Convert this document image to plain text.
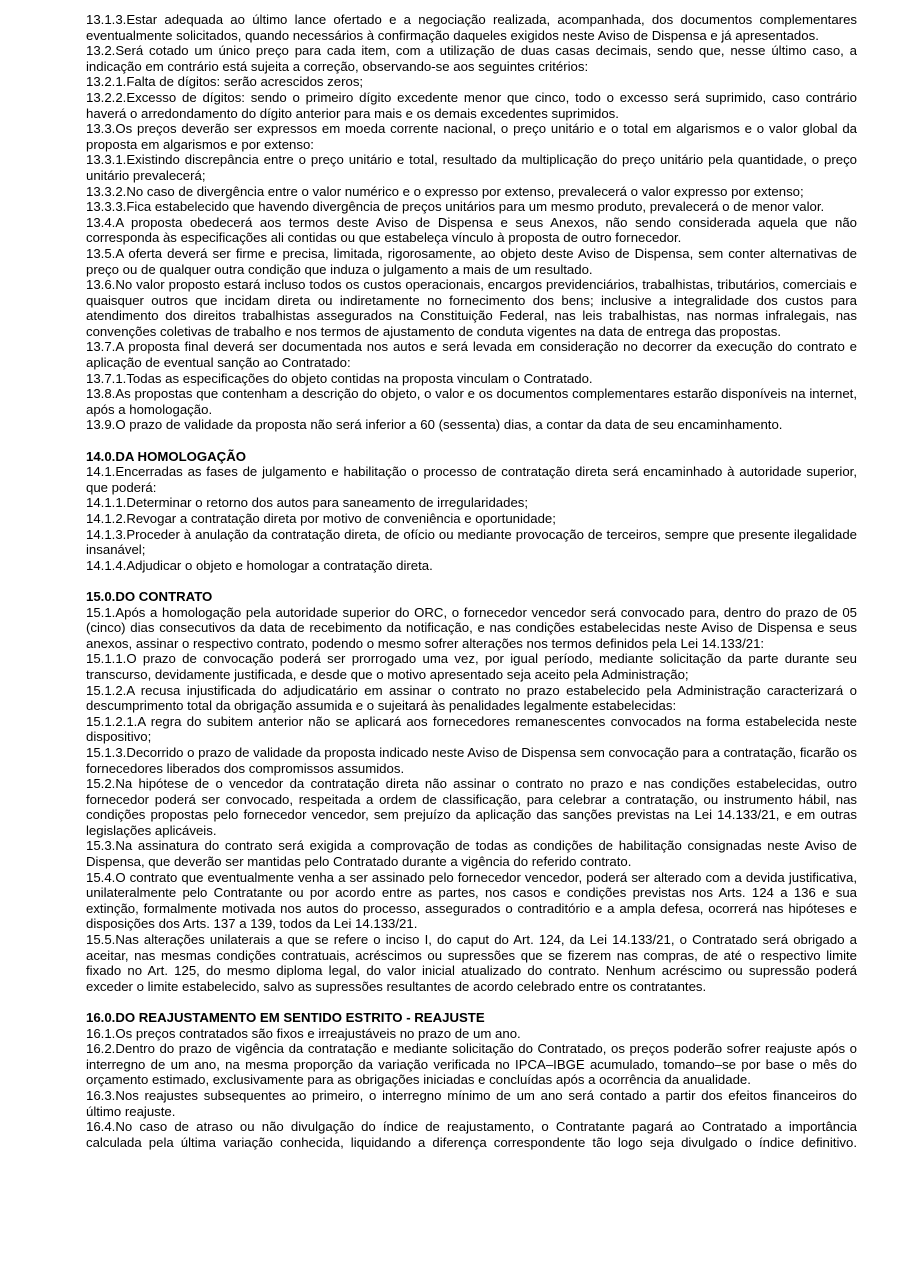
13.1.3.Estar adequada ao último lance ofertado e a negociação realizada, acompanhada, dos documentos complementares eventualmente solicitados, quando necessários à confirmação daqueles exigidos neste Aviso de Dispensa e já apresentados.

13.2.Será cotado um único preço para cada item, com a utilização de duas casas decimais, sendo que, nesse último caso, a indicação em contrário está sujeita a correção, observando-se aos seguintes critérios:

13.2.1.Falta de dígitos: serão acrescidos zeros;

13.2.2.Excesso de dígitos: sendo o primeiro dígito excedente menor que cinco, todo o excesso será suprimido, caso contrário haverá o arredondamento do dígito anterior para mais e os demais excedentes suprimidos.

13.3.Os preços deverão ser expressos em moeda corrente nacional, o preço unitário e o total em algarismos e o valor global da proposta em algarismos e por extenso:

13.3.1.Existindo discrepância entre o preço unitário e total, resultado da multiplicação do preço unitário pela quantidade, o preço unitário prevalecerá;

13.3.2.No caso de divergência entre o valor numérico e o expresso por extenso, prevalecerá o valor expresso por extenso;

13.3.3.Fica estabelecido que havendo divergência de preços unitários para um mesmo produto, prevalecerá o de menor valor.

13.4.A proposta obedecerá aos termos deste Aviso de Dispensa e seus Anexos, não sendo considerada aquela que não corresponda às especificações ali contidas ou que estabeleça vínculo à proposta de outro fornecedor.

13.5.A oferta deverá ser firme e precisa, limitada, rigorosamente, ao objeto deste Aviso de Dispensa, sem conter alternativas de preço ou de qualquer outra condição que induza o julgamento a mais de um resultado.

13.6.No valor proposto estará incluso todos os custos operacionais, encargos previdenciários, trabalhistas, tributários, comerciais e quaisquer outros que incidam direta ou indiretamente no fornecimento dos bens; inclusive a integralidade dos custos para atendimento dos direitos trabalhistas assegurados na Constituição Federal, nas leis trabalhistas, nas normas infralegais, nas convenções coletivas de trabalho e nos termos de ajustamento de conduta vigentes na data de entrega das propostas.

13.7.A proposta final deverá ser documentada nos autos e será levada em consideração no decorrer da execução do contrato e aplicação de eventual sanção ao Contratado:

13.7.1.Todas as especificações do objeto contidas na proposta vinculam o Contratado.

13.8.As propostas que contenham a descrição do objeto, o valor e os documentos complementares estarão disponíveis na internet, após a homologação.

13.9.O prazo de validade da proposta não será inferior a 60 (sessenta) dias, a contar da data de seu encaminhamento.

14.0.DA HOMOLOGAÇÃO

14.1.Encerradas as fases de julgamento e habilitação o processo de contratação direta será encaminhado à autoridade superior, que poderá:

14.1.1.Determinar o retorno dos autos para saneamento de irregularidades;

14.1.2.Revogar a contratação direta por motivo de conveniência e oportunidade;

14.1.3.Proceder à anulação da contratação direta, de ofício ou mediante provocação de terceiros, sempre que presente ilegalidade insanável;

14.1.4.Adjudicar o objeto e homologar a contratação direta.

15.0.DO CONTRATO

15.1.Após a homologação pela autoridade superior do ORC, o fornecedor vencedor será convocado para, dentro do prazo de 05 (cinco) dias consecutivos da data de recebimento da notificação, e nas condições estabelecidas neste Aviso de Dispensa e seus anexos, assinar o respectivo contrato, podendo o mesmo sofrer alterações nos termos definidos pela Lei 14.133/21:

15.1.1.O prazo de convocação poderá ser prorrogado uma vez, por igual período, mediante solicitação da parte durante seu transcurso, devidamente justificada, e desde que o motivo apresentado seja aceito pela Administração;

15.1.2.A recusa injustificada do adjudicatário em assinar o contrato no prazo estabelecido pela Administração caracterizará o descumprimento total da obrigação assumida e o sujeitará às penalidades legalmente estabelecidas:

15.1.2.1.A regra do subitem anterior não se aplicará aos fornecedores remanescentes convocados na forma estabelecida neste dispositivo;

15.1.3.Decorrido o prazo de validade da proposta indicado neste Aviso de Dispensa sem convocação para a contratação, ficarão os fornecedores liberados dos compromissos assumidos.

15.2.Na hipótese de o vencedor da contratação direta não assinar o contrato no prazo e nas condições estabelecidas, outro fornecedor poderá ser convocado, respeitada a ordem de classificação, para celebrar a contratação, ou instrumento hábil, nas condições propostas pelo fornecedor vencedor, sem prejuízo da aplicação das sanções previstas na Lei 14.133/21, e em outras legislações aplicáveis.

15.3.Na assinatura do contrato será exigida a comprovação de todas as condições de habilitação consignadas neste Aviso de Dispensa, que deverão ser mantidas pelo Contratado durante a vigência do referido contrato.

15.4.O contrato que eventualmente venha a ser assinado pelo fornecedor vencedor, poderá ser alterado com a devida justificativa, unilateralmente pelo Contratante ou por acordo entre as partes, nos casos e condições previstas nos Arts. 124 a 136 e sua extinção, formalmente motivada nos autos do processo, assegurados o contraditório e a ampla defesa, ocorrerá nas hipóteses e disposições dos Arts. 137 a 139, todos da Lei 14.133/21.

15.5.Nas alterações unilaterais a que se refere o inciso I, do caput do Art. 124, da Lei 14.133/21, o Contratado será obrigado a aceitar, nas mesmas condições contratuais, acréscimos ou supressões que se fizerem nas compras, de até o respectivo limite fixado no Art. 125, do mesmo diploma legal, do valor inicial atualizado do contrato. Nenhum acréscimo ou supressão poderá exceder o limite estabelecido, salvo as supressões resultantes de acordo celebrado entre os contratantes.

16.0.DO REAJUSTAMENTO EM SENTIDO ESTRITO - REAJUSTE

16.1.Os preços contratados são fixos e irreajustáveis no prazo de um ano.

16.2.Dentro do prazo de vigência da contratação e mediante solicitação do Contratado, os preços poderão sofrer reajuste após o interregno de um ano, na mesma proporção da variação verificada no IPCA–IBGE acumulado, tomando–se por base o mês do orçamento estimado, exclusivamente para as obrigações iniciadas e concluídas após a ocorrência da anualidade.

16.3.Nos reajustes subsequentes ao primeiro, o interregno mínimo de um ano será contado a partir dos efeitos financeiros do último reajuste.

16.4.No caso de atraso ou não divulgação do índice de reajustamento, o Contratante pagará ao Contratado a importância calculada pela última variação conhecida, liquidando a diferença correspondente tão logo seja divulgado o índice definitivo.
